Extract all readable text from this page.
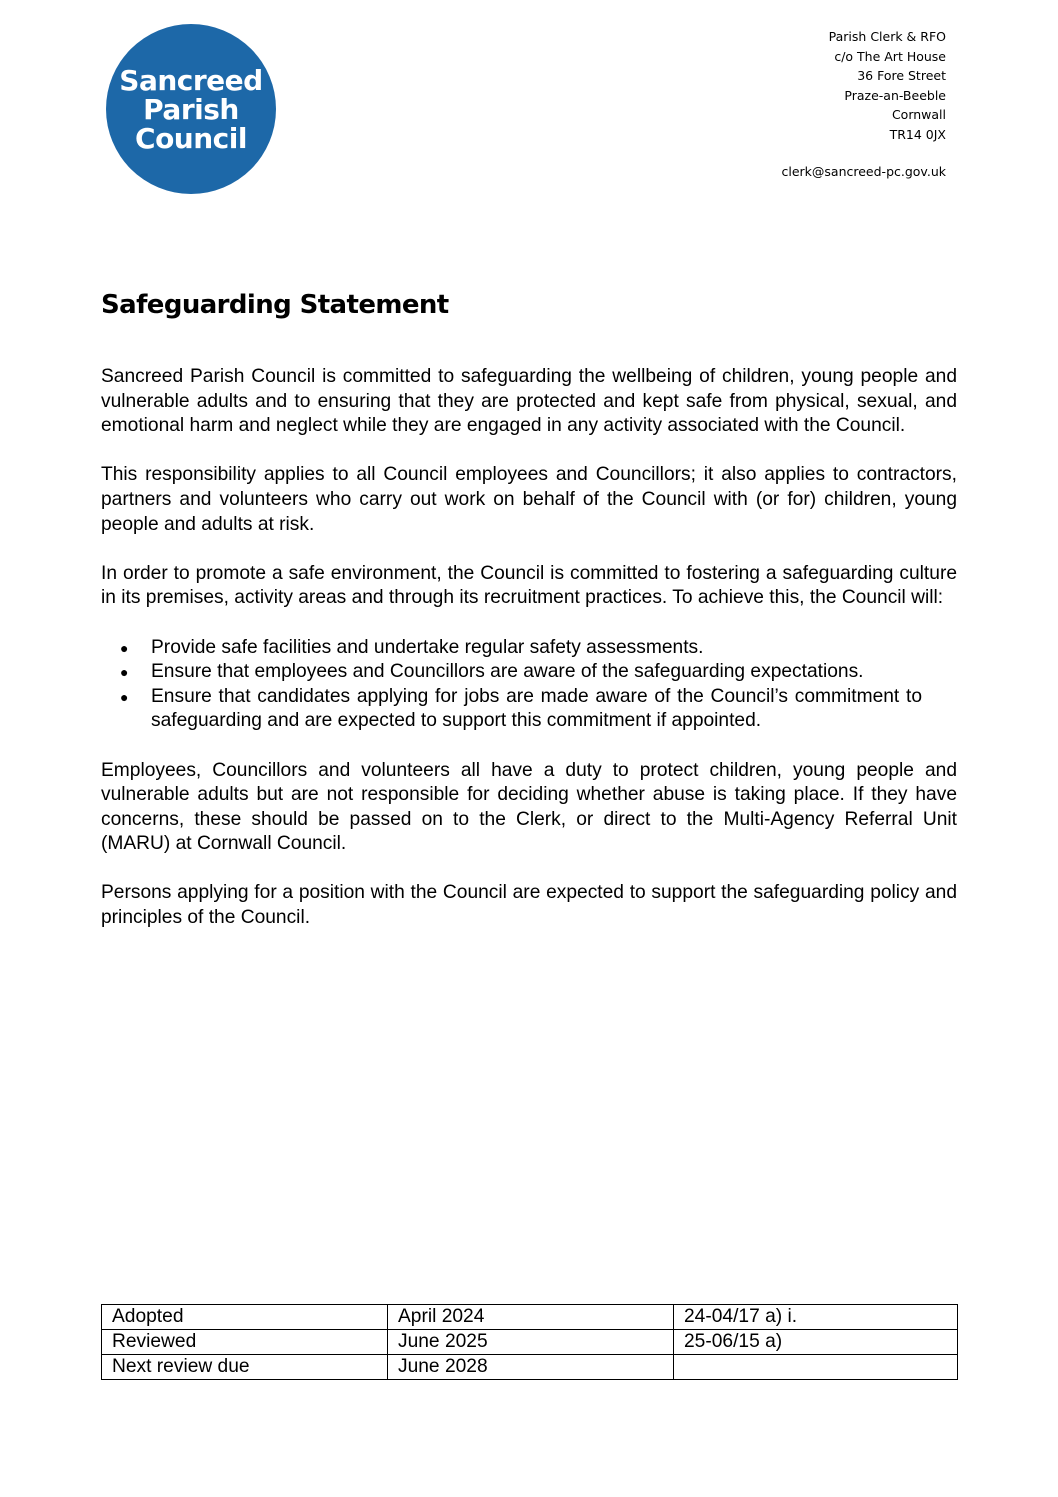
Sancreed
Parish
Council
Parish Clerk & RFO
c/o The Art House
36 Fore Street
Praze-an-Beeble
Cornwall
TR14 0JX
clerk@sancreed-pc.gov.uk
Safeguarding Statement

Sancreed Parish Council is committed to safeguarding the wellbeing of children, young people and vulnerable adults and to ensuring that they are protected and kept safe from physical, sexual, and emotional harm and neglect while they are engaged in any activity associated with the Council.

This responsibility applies to all Council employees and Councillors; it also applies to contractors, partners and volunteers who carry out work on behalf of the Council with (or for) children, young people and adults at risk.

In order to promote a safe environment, the Council is committed to fostering a safeguarding culture in its premises, activity areas and through its recruitment practices. To achieve this, the Council will:

● Provide safe facilities and undertake regular safety assessments.
● Ensure that employees and Councillors are aware of the safeguarding expectations.
● Ensure that candidates applying for jobs are made aware of the Council’s commitment to safeguarding and are expected to support this commitment if appointed.

Employees, Councillors and volunteers all have a duty to protect children, young people and vulnerable adults but are not responsible for deciding whether abuse is taking place. If they have concerns, these should be passed on to the Clerk, or direct to the Multi-Agency Referral Unit (MARU) at Cornwall Council.

Persons applying for a position with the Council are expected to support the safeguarding policy and principles of the Council.

Adopted	April 2024	24-04/17 a) i.
Reviewed	June 2025	25-06/15 a)
Next review due	June 2028	
